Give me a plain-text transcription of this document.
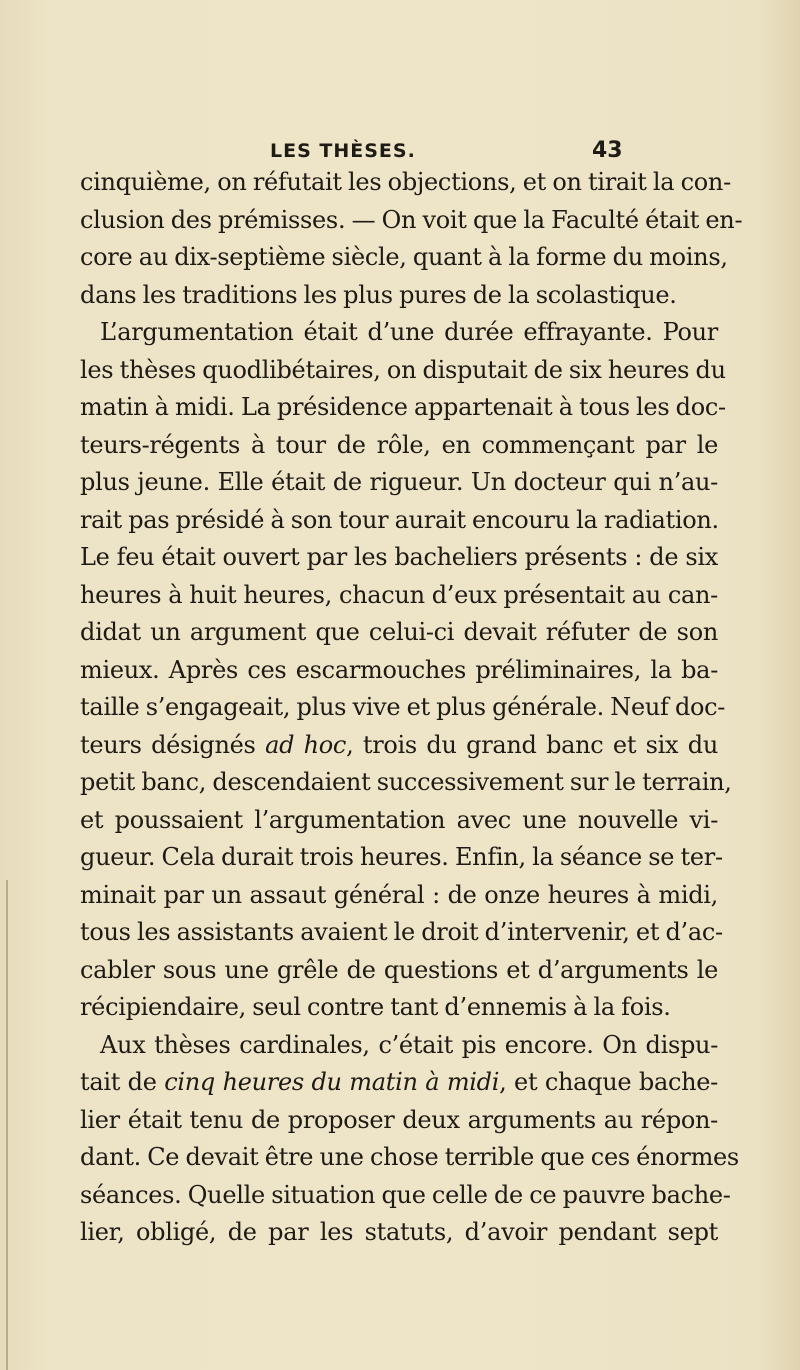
LES THÈSES.	43
cinquième, on réfutait les objections, et on tirait la con-
clusion des prémisses. — On voit que la Faculté était en-
core au dix-septième siècle, quant à la forme du moins,
dans les traditions les plus pures de la scolastique.
L’argumentation était d’une durée effrayante. Pour
les thèses quodlibétaires, on disputait de six heures du
matin à midi. La présidence appartenait à tous les doc-
teurs-régents à tour de rôle, en commençant par le
plus jeune. Elle était de rigueur. Un docteur qui n’au-
rait pas présidé à son tour aurait encouru la radiation.
Le feu était ouvert par les bacheliers présents : de six
heures à huit heures, chacun d’eux présentait au can-
didat un argument que celui-ci devait réfuter de son
mieux. Après ces escarmouches préliminaires, la ba-
taille s’engageait, plus vive et plus générale. Neuf doc-
teurs désignés ad hoc, trois du grand banc et six du
petit banc, descendaient successivement sur le terrain,
et poussaient l’argumentation avec une nouvelle vi-
gueur. Cela durait trois heures. Enfin, la séance se ter-
minait par un assaut général : de onze heures à midi,
tous les assistants avaient le droit d’intervenir, et d’ac-
cabler sous une grêle de questions et d’arguments le
récipiendaire, seul contre tant d’ennemis à la fois.
Aux thèses cardinales, c’était pis encore. On dispu-
tait de cinq heures du matin à midi, et chaque bache-
lier était tenu de proposer deux arguments au répon-
dant. Ce devait être une chose terrible que ces énormes
séances. Quelle situation que celle de ce pauvre bache-
lier, obligé, de par les statuts, d’avoir pendant sept
